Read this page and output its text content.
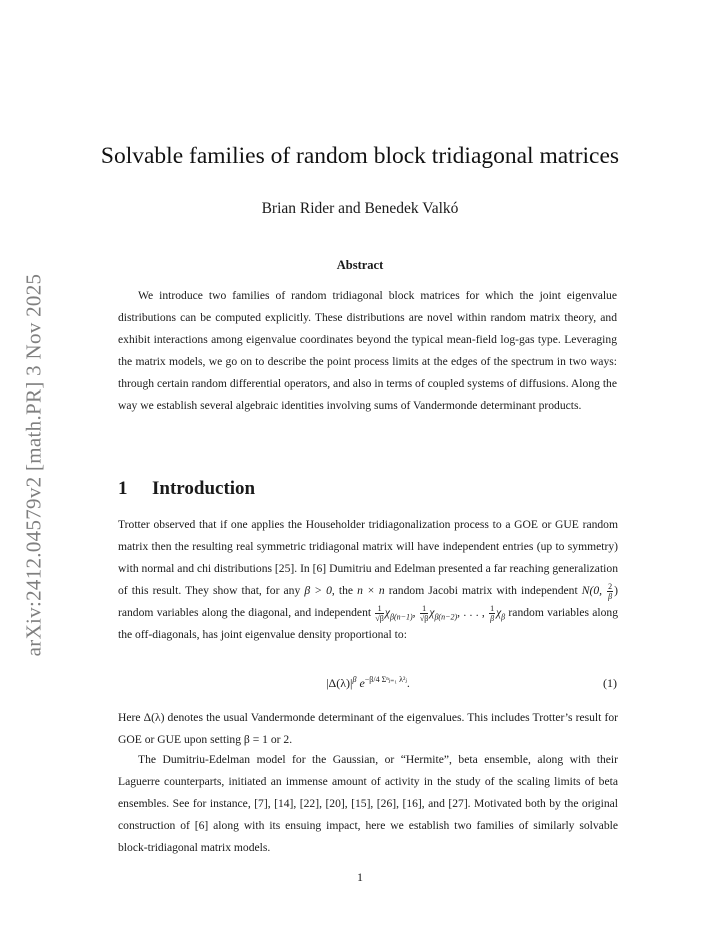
arXiv:2412.04579v2 [math.PR] 3 Nov 2025
Solvable families of random block tridiagonal matrices
Brian Rider and Benedek Valkó
Abstract
We introduce two families of random tridiagonal block matrices for which the joint eigenvalue distributions can be computed explicitly. These distributions are novel within random matrix theory, and exhibit interactions among eigenvalue coordinates beyond the typical mean-field log-gas type. Leveraging the matrix models, we go on to describe the point process limits at the edges of the spectrum in two ways: through certain random differential operators, and also in terms of coupled systems of diffusions. Along the way we establish several algebraic identities involving sums of Vandermonde determinant products.
1 Introduction
Trotter observed that if one applies the Householder tridiagonalization process to a GOE or GUE random matrix then the resulting real symmetric tridiagonal matrix will have independent entries (up to symmetry) with normal and chi distributions [25]. In [6] Dumitriu and Edelman presented a far reaching generalization of this result. They show that, for any β > 0, the n × n random Jacobi matrix with independent N(0, $\frac{2}{\beta}$ ) random variables along the diagonal, and independent $\frac{1}{√\beta} \chi_{\beta(n-1)}$, $\frac{1}{√\beta} \chi_{\beta(n-2)}$, . . . , $\frac{1}{\beta} \chi_\beta$ random variables along the off-diagonals, has joint eigenvalue density proportional to:
$|\Delta(\lambda)|^\beta$ $e^{-\beta/4 \Sigma^nⱼ_{=1} \lambda^2ⱼ}$.	(1)
Here Δ(λ) denotes the usual Vandermonde determinant of the eigenvalues. This includes Trotter’s result for GOE or GUE upon setting β = 1 or 2.
The Dumitriu-Edelman model for the Gaussian, or “Hermite”, beta ensemble, along with their Laguerre counterparts, initiated an immense amount of activity in the study of the scaling limits of beta ensembles. See for instance, [7], [14], [22], [20], [15], [26], [16], and [27]. Motivated both by the original construction of [6] along with its ensuing impact, here we establish two families of similarly solvable block-tridiagonal matrix models.
1
